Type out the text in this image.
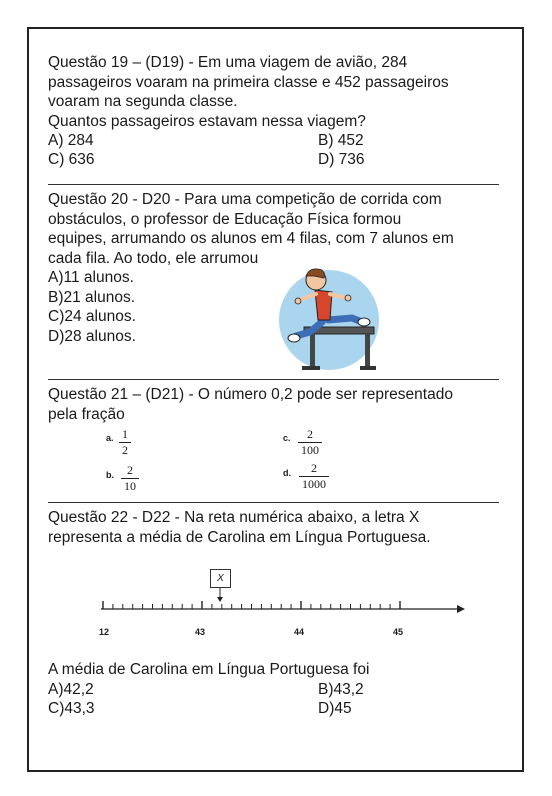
Questão 19 – (D19) - Em uma viagem de avião, 284
passageiros voaram na primeira classe e 452 passageiros
voaram na segunda classe.
Quantos passageiros estavam nessa viagem?
A) 284	B) 452
C) 636	D) 736
Questão 20 - D20 - Para uma competição de corrida com
obstáculos, o professor de Educação Física formou
equipes, arrumando os alunos em 4 filas, com 7 alunos em
cada fila. Ao todo, ele arrumou
A)11 alunos.
B)21 alunos.
C)24 alunos.
D)28 alunos.
Questão 21 – (D21) - O número 0,2 pode ser representado
pela fração
a. 1
2
b. 2
10
c. 2
100
d. 2
1000
Questão 22 - D22 - Na reta numérica abaixo, a letra X
representa a média de Carolina em Língua Portuguesa.
X
12	43	44	45
A média de Carolina em Língua Portuguesa foi
A)42,2	B)43,2
C)43,3	D)45
